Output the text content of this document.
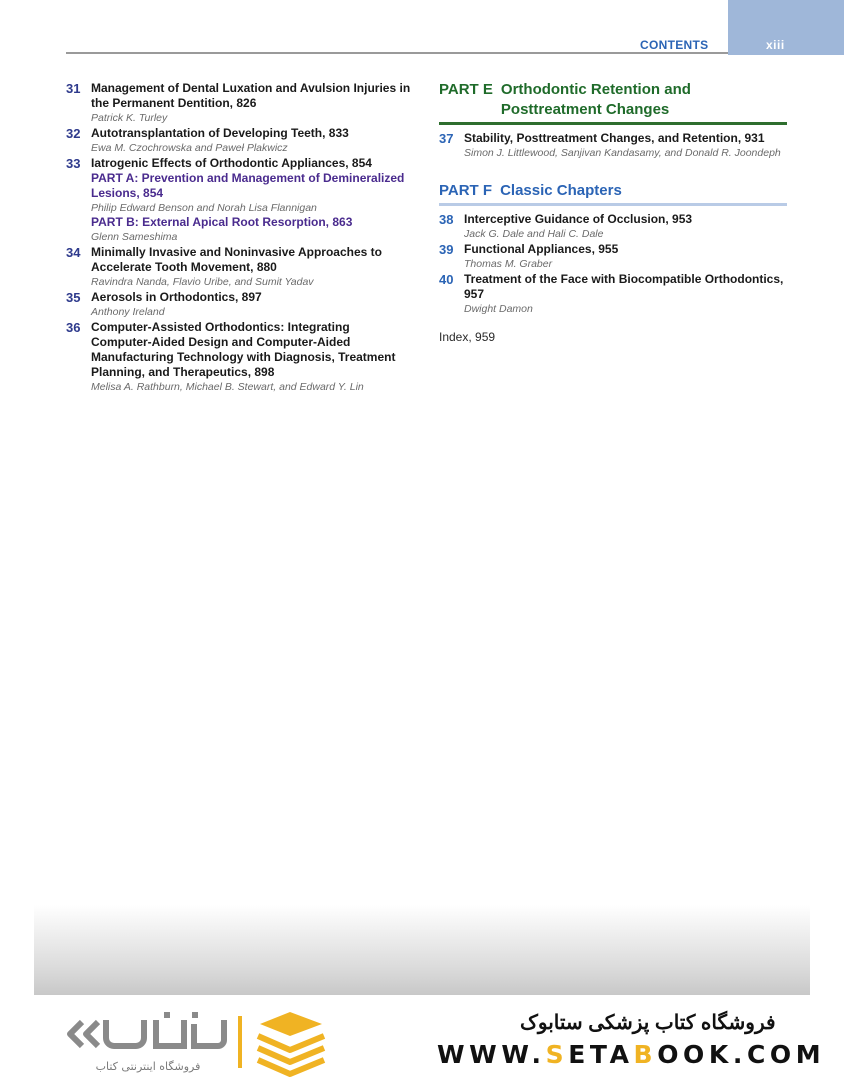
CONTENTS	xiii
31 Management of Dental Luxation and Avulsion Injuries in the Permanent Dentition, 826
Patrick K. Turley
32 Autotransplantation of Developing Teeth, 833
Ewa M. Czochrowska and Paweł Plakwicz
33 Iatrogenic Effects of Orthodontic Appliances, 854
PART A: Prevention and Management of Demineralized Lesions, 854
Philip Edward Benson and Norah Lisa Flannigan
PART B: External Apical Root Resorption, 863
Glenn Sameshima
34 Minimally Invasive and Noninvasive Approaches to Accelerate Tooth Movement, 880
Ravindra Nanda, Flavio Uribe, and Sumit Yadav
35 Aerosols in Orthodontics, 897
Anthony Ireland
36 Computer-Assisted Orthodontics: Integrating Computer-Aided Design and Computer-Aided Manufacturing Technology with Diagnosis, Treatment Planning, and Therapeutics, 898
Melisa A. Rathburn, Michael B. Stewart, and Edward Y. Lin
PART E Orthodontic Retention and Posttreatment Changes
37 Stability, Posttreatment Changes, and Retention, 931
Simon J. Littlewood, Sanjivan Kandasamy, and Donald R. Joondeph
PART F Classic Chapters
38 Interceptive Guidance of Occlusion, 953
Jack G. Dale and Hali C. Dale
39 Functional Appliances, 955
Thomas M. Graber
40 Treatment of the Face with Biocompatible Orthodontics, 957
Dwight Damon
Index, 959
فروشگاه اینترنتی کتاب
فروشگاه کتاب پزشکی ستابوک
WWW.SETABOOK.COM
